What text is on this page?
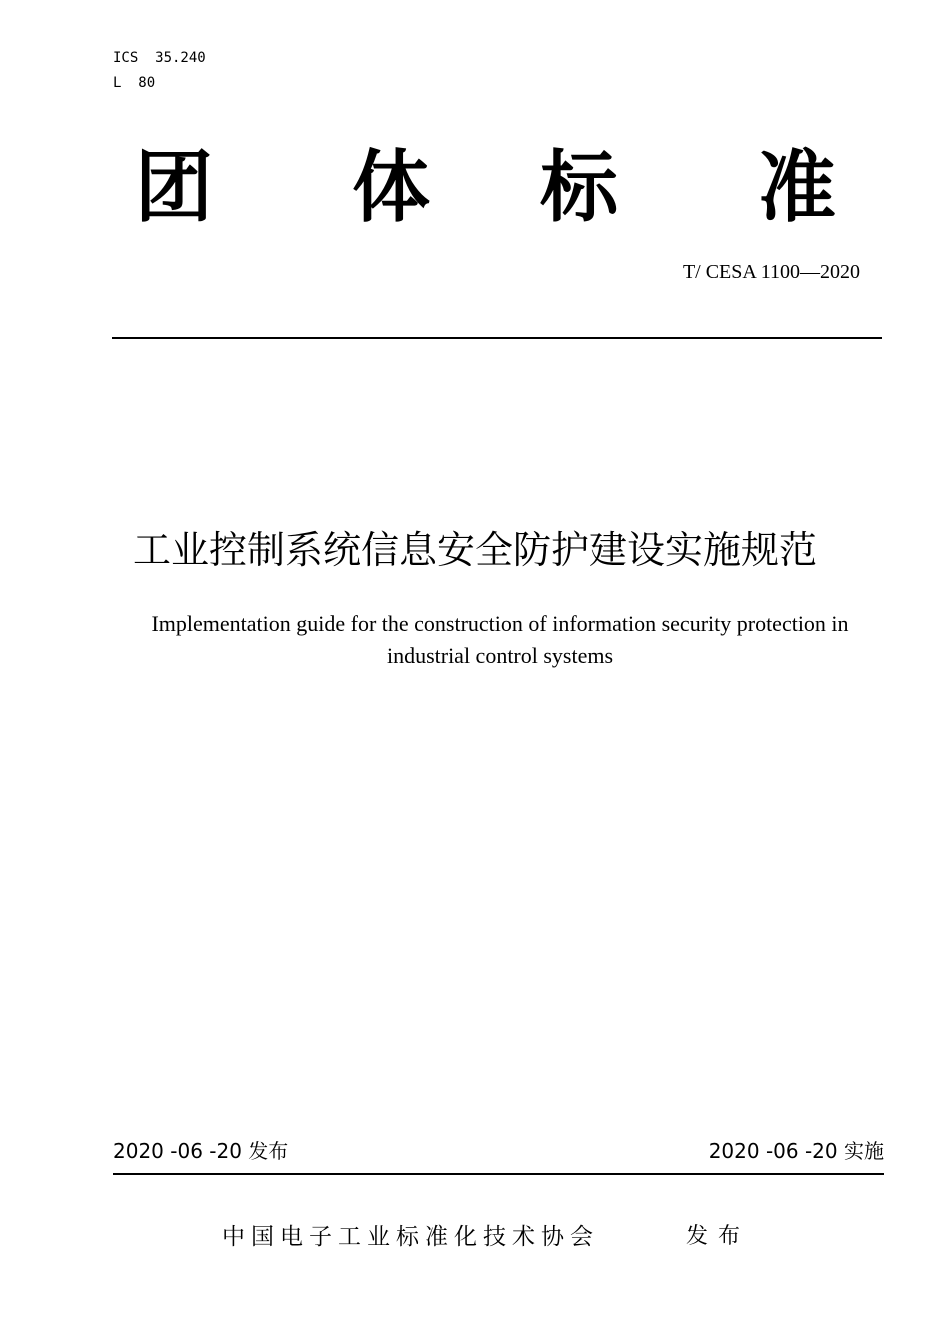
ICS  35.240
L  80
团 体 标 准
T/ CESA 1100—2020
工业控制系统信息安全防护建设实施规范
Implementation guide for the construction of information security protection in industrial control systems
2020 -06 -20 发布	2020 -06 -20 实施
中国电子工业标准化技术协会	发布
